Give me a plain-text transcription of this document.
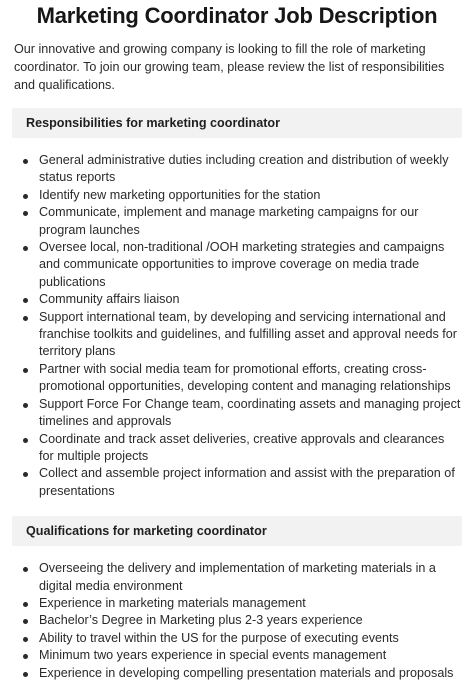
Marketing Coordinator Job Description

Our innovative and growing company is looking to fill the role of marketing coordinator. To join our growing team, please review the list of responsibilities and qualifications.

Responsibilities for marketing coordinator
General administrative duties including creation and distribution of weekly status reports
Identify new marketing opportunities for the station
Communicate, implement and manage marketing campaigns for our program launches
Oversee local, non-traditional /OOH marketing strategies and campaigns and communicate opportunities to improve coverage on media trade publications
Community affairs liaison
Support international team, by developing and servicing international and franchise toolkits and guidelines, and fulfilling asset and approval needs for territory plans
Partner with social media team for promotional efforts, creating cross-promotional opportunities, developing content and managing relationships
Support Force For Change team, coordinating assets and managing project timelines and approvals
Coordinate and track asset deliveries, creative approvals and clearances for multiple projects
Collect and assemble project information and assist with the preparation of presentations
Qualifications for marketing coordinator
Overseeing the delivery and implementation of marketing materials in a digital media environment
Experience in marketing materials management
Bachelor’s Degree in Marketing plus 2-3 years experience
Ability to travel within the US for the purpose of executing events
Minimum two years experience in special events management
Experience in developing compelling presentation materials and proposals
